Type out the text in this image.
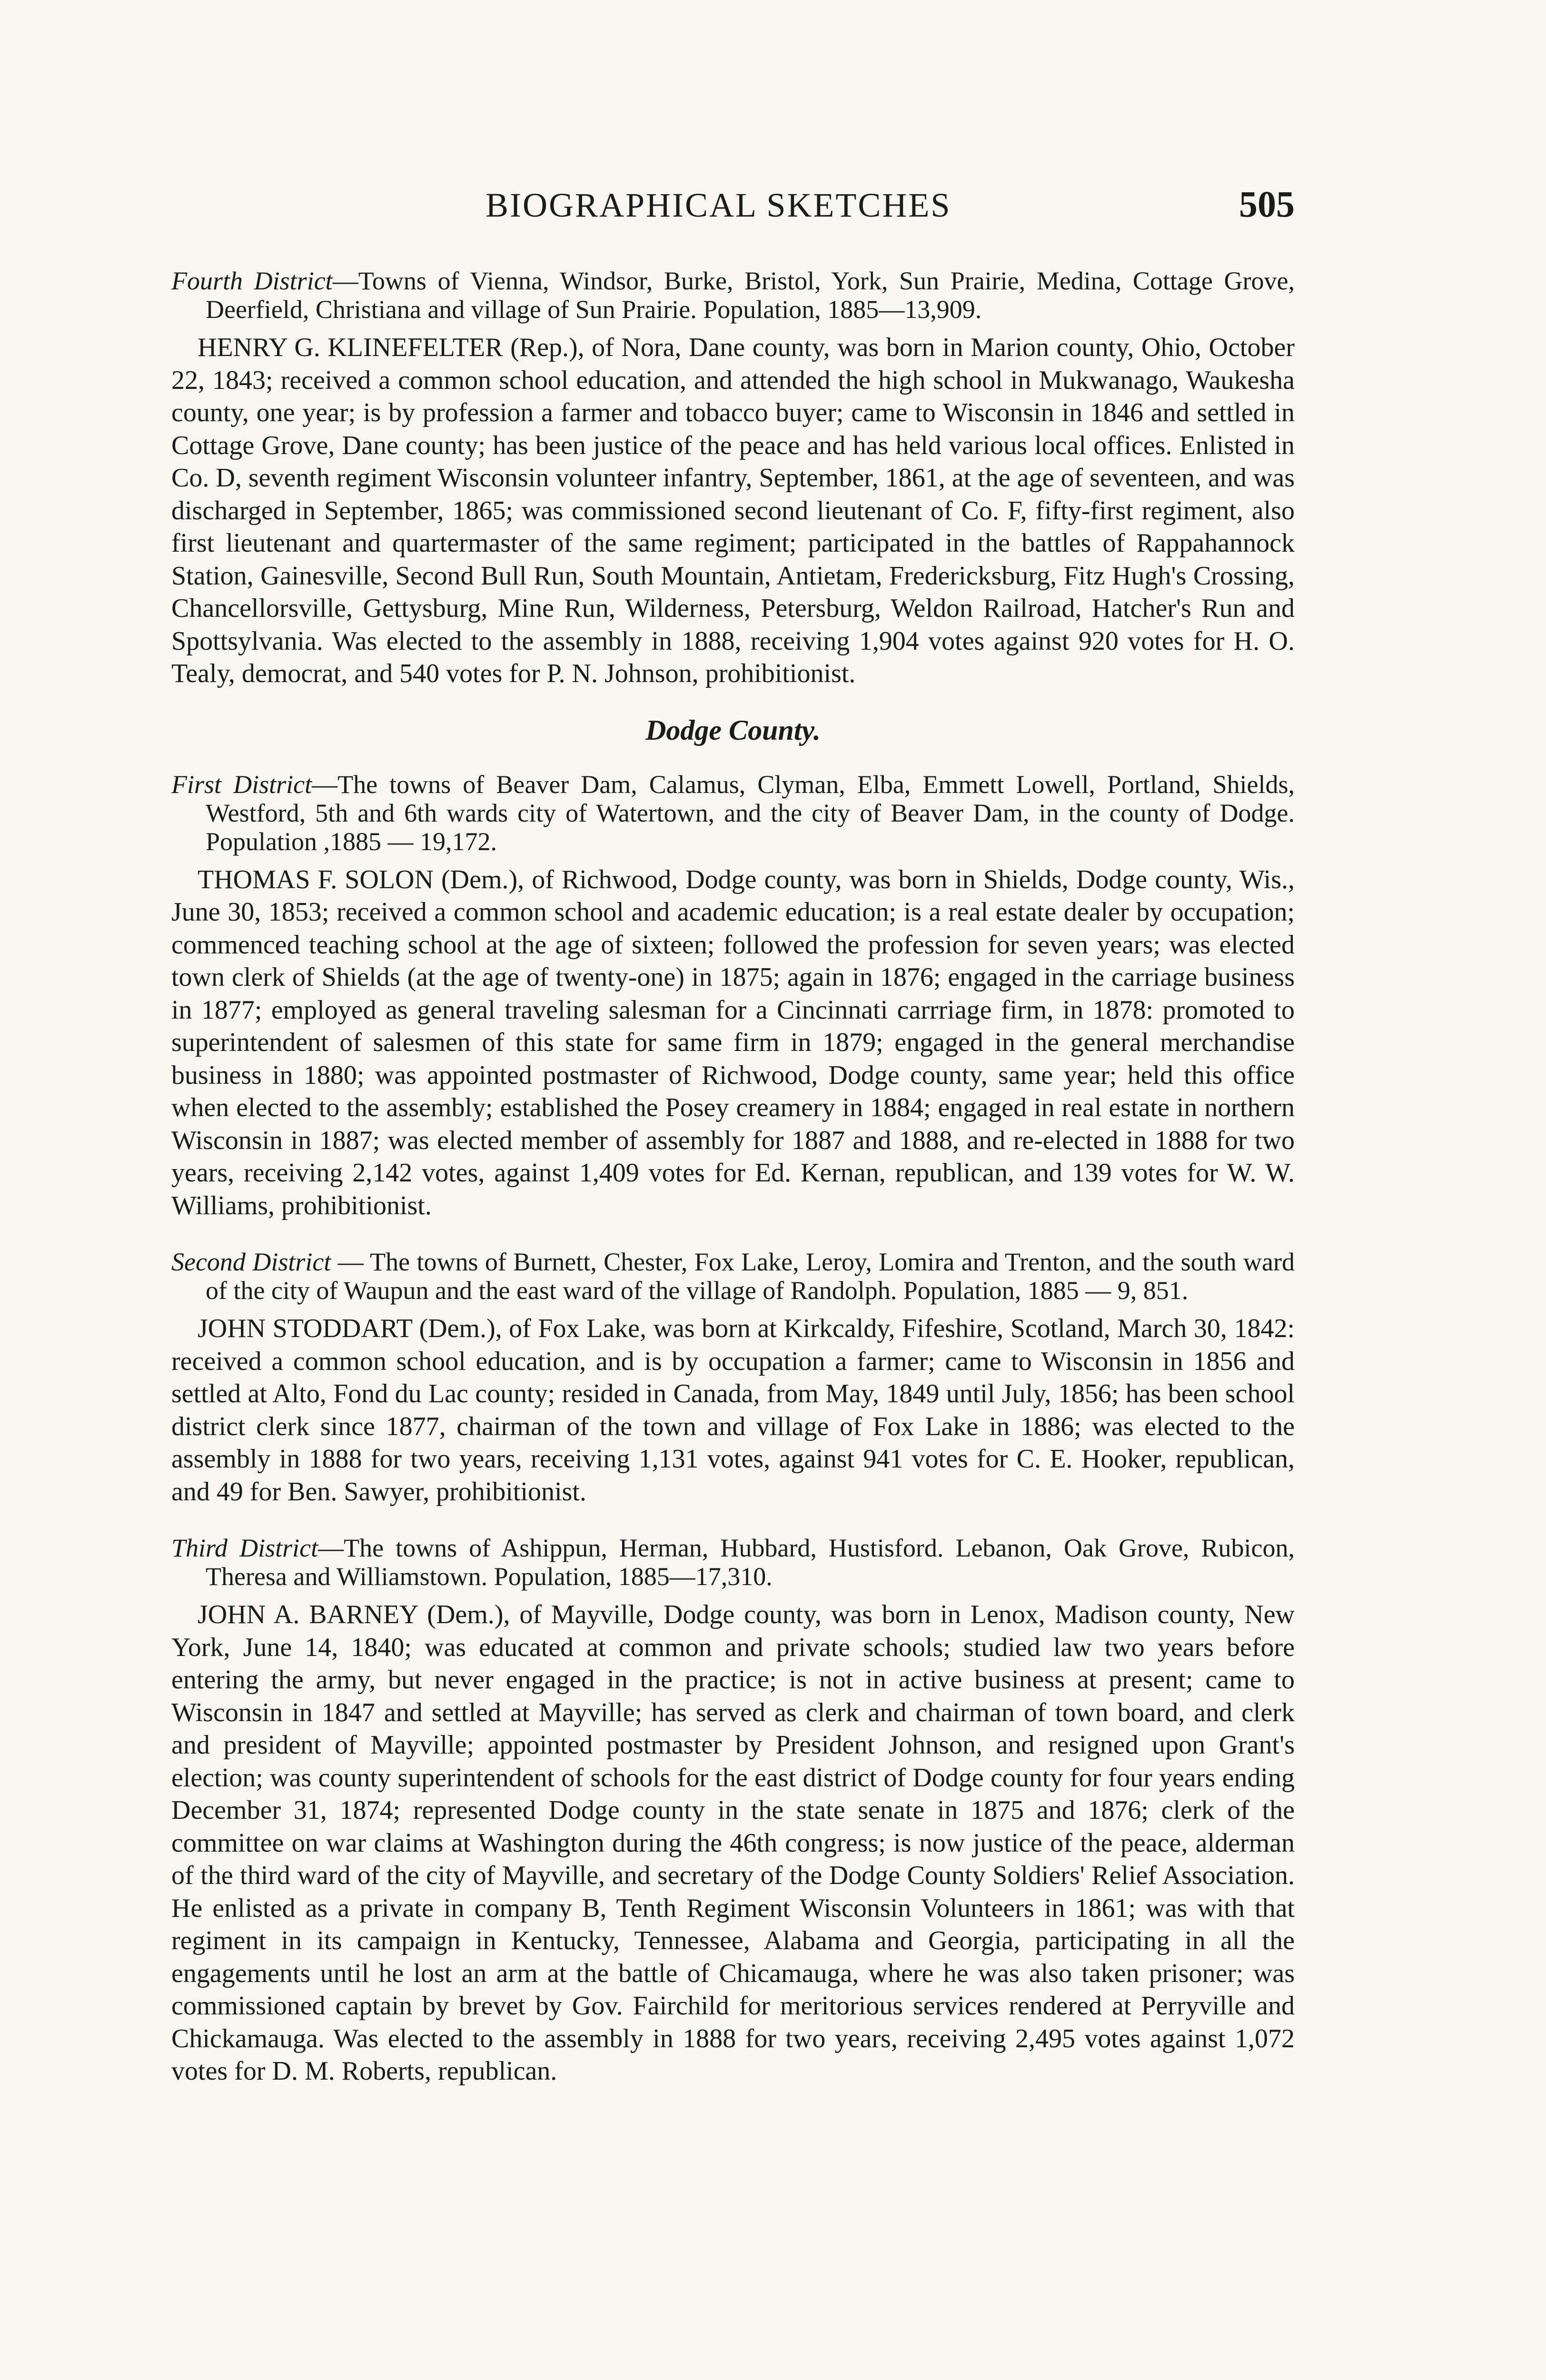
BIOGRAPHICAL SKETCHES	505

Fourth District—Towns of Vienna, Windsor, Burke, Bristol, York, Sun Prairie, Medina, Cottage Grove, Deerfield, Christiana and village of Sun Prairie. Population, 1885—13,909.

HENRY G. KLINEFELTER (Rep.), of Nora, Dane county, was born in Marion county, Ohio, October 22, 1843; received a common school education, and attended the high school in Mukwanago, Waukesha county, one year; is by profession a farmer and tobacco buyer; came to Wisconsin in 1846 and settled in Cottage Grove, Dane county; has been justice of the peace and has held various local offices. Enlisted in Co. D, seventh regiment Wisconsin volunteer infantry, September, 1861, at the age of seventeen, and was discharged in September, 1865; was commissioned second lieutenant of Co. F, fifty-first regiment, also first lieutenant and quartermaster of the same regiment; participated in the battles of Rappahannock Station, Gainesville, Second Bull Run, South Mountain, Antietam, Fredericksburg, Fitz Hugh's Crossing, Chancellorsville, Gettysburg, Mine Run, Wilderness, Petersburg, Weldon Railroad, Hatcher's Run and Spottsylvania. Was elected to the assembly in 1888, receiving 1,904 votes against 920 votes for H. O. Tealy, democrat, and 540 votes for P. N. Johnson, prohibitionist.

Dodge County.

First District—The towns of Beaver Dam, Calamus, Clyman, Elba, Emmett Lowell, Portland, Shields, Westford, 5th and 6th wards city of Watertown, and the city of Beaver Dam, in the county of Dodge. Population ,1885 — 19,172.

THOMAS F. SOLON (Dem.), of Richwood, Dodge county, was born in Shields, Dodge county, Wis., June 30, 1853; received a common school and academic education; is a real estate dealer by occupation; commenced teaching school at the age of sixteen; followed the profession for seven years; was elected town clerk of Shields (at the age of twenty-one) in 1875; again in 1876; engaged in the carriage business in 1877; employed as general traveling salesman for a Cincinnati carrriage firm, in 1878: promoted to superintendent of salesmen of this state for same firm in 1879; engaged in the general merchandise business in 1880; was appointed postmaster of Richwood, Dodge county, same year; held this office when elected to the assembly; established the Posey creamery in 1884; engaged in real estate in northern Wisconsin in 1887; was elected member of assembly for 1887 and 1888, and re-elected in 1888 for two years, receiving 2,142 votes, against 1,409 votes for Ed. Kernan, republican, and 139 votes for W. W. Williams, prohibitionist.

Second District — The towns of Burnett, Chester, Fox Lake, Leroy, Lomira and Trenton, and the south ward of the city of Waupun and the east ward of the village of Randolph. Population, 1885 — 9, 851.

JOHN STODDART (Dem.), of Fox Lake, was born at Kirkcaldy, Fifeshire, Scotland, March 30, 1842: received a common school education, and is by occupation a farmer; came to Wisconsin in 1856 and settled at Alto, Fond du Lac county; resided in Canada, from May, 1849 until July, 1856; has been school district clerk since 1877, chairman of the town and village of Fox Lake in 1886; was elected to the assembly in 1888 for two years, receiving 1,131 votes, against 941 votes for C. E. Hooker, republican, and 49 for Ben. Sawyer, prohibitionist.

Third District—The towns of Ashippun, Herman, Hubbard, Hustisford. Lebanon, Oak Grove, Rubicon, Theresa and Williamstown. Population, 1885—17,310.

JOHN A. BARNEY (Dem.), of Mayville, Dodge county, was born in Lenox, Madison county, New York, June 14, 1840; was educated at common and private schools; studied law two years before entering the army, but never engaged in the practice; is not in active business at present; came to Wisconsin in 1847 and settled at Mayville; has served as clerk and chairman of town board, and clerk and president of Mayville; appointed postmaster by President Johnson, and resigned upon Grant's election; was county superintendent of schools for the east district of Dodge county for four years ending December 31, 1874; represented Dodge county in the state senate in 1875 and 1876; clerk of the committee on war claims at Washington during the 46th congress; is now justice of the peace, alderman of the third ward of the city of Mayville, and secretary of the Dodge County Soldiers' Relief Association. He enlisted as a private in company B, Tenth Regiment Wisconsin Volunteers in 1861; was with that regiment in its campaign in Kentucky, Tennessee, Alabama and Georgia, participating in all the engagements until he lost an arm at the battle of Chicamauga, where he was also taken prisoner; was commissioned captain by brevet by Gov. Fairchild for meritorious services rendered at Perryville and Chickamauga. Was elected to the assembly in 1888 for two years, receiving 2,495 votes against 1,072 votes for D. M. Roberts, republican.
